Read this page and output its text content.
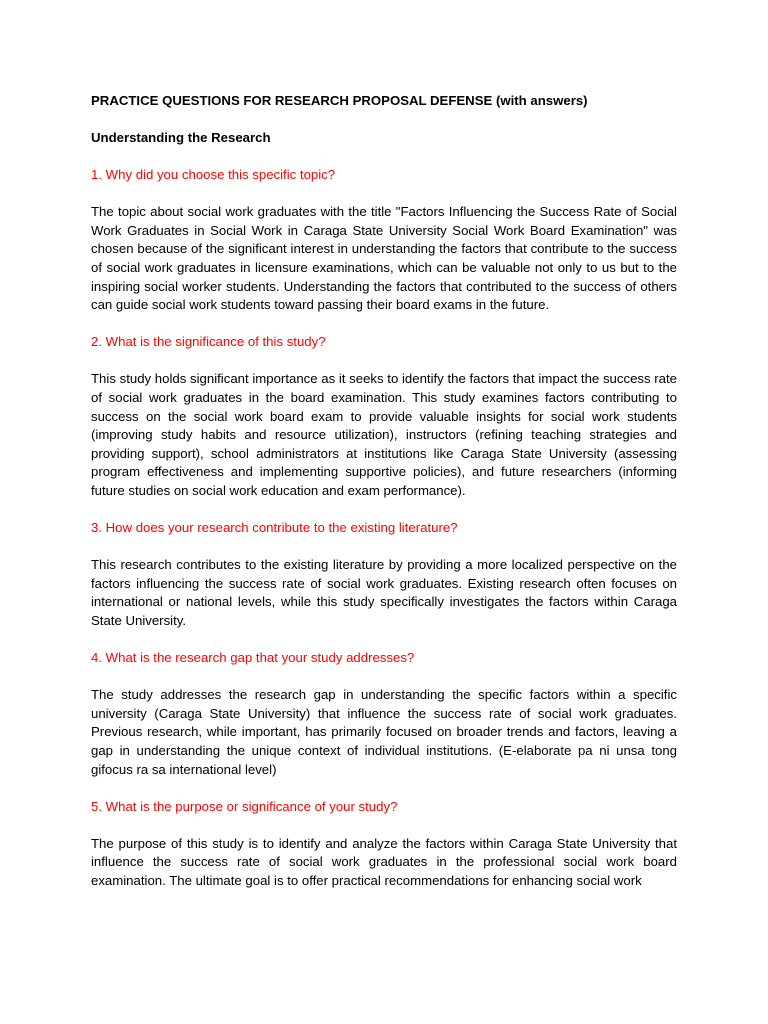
PRACTICE QUESTIONS FOR RESEARCH PROPOSAL DEFENSE (with answers)

Understanding the Research

1. Why did you choose this specific topic?

The topic about social work graduates with the title "Factors Influencing the Success Rate of Social Work Graduates in Social Work in Caraga State University Social Work Board Examination" was chosen because of the significant interest in understanding the factors that contribute to the success of social work graduates in licensure examinations, which can be valuable not only to us but to the inspiring social worker students. Understanding the factors that contributed to the success of others can guide social work students toward passing their board exams in the future.

2. What is the significance of this study?

This study holds significant importance as it seeks to identify the factors that impact the success rate of social work graduates in the board examination. This study examines factors contributing to success on the social work board exam to provide valuable insights for social work students (improving study habits and resource utilization), instructors (refining teaching strategies and providing support), school administrators at institutions like Caraga State University (assessing program effectiveness and implementing supportive policies), and future researchers (informing future studies on social work education and exam performance).

3. How does your research contribute to the existing literature?

This research contributes to the existing literature by providing a more localized perspective on the factors influencing the success rate of social work graduates. Existing research often focuses on international or national levels, while this study specifically investigates the factors within Caraga State University.

4. What is the research gap that your study addresses?

The study addresses the research gap in understanding the specific factors within a specific university (Caraga State University) that influence the success rate of social work graduates. Previous research, while important, has primarily focused on broader trends and factors, leaving a gap in understanding the unique context of individual institutions. (E-elaborate pa ni unsa tong gifocus ra sa international level)

5. What is the purpose or significance of your study?

The purpose of this study is to identify and analyze the factors within Caraga State University that influence the success rate of social work graduates in the professional social work board examination. The ultimate goal is to offer practical recommendations for enhancing social work
